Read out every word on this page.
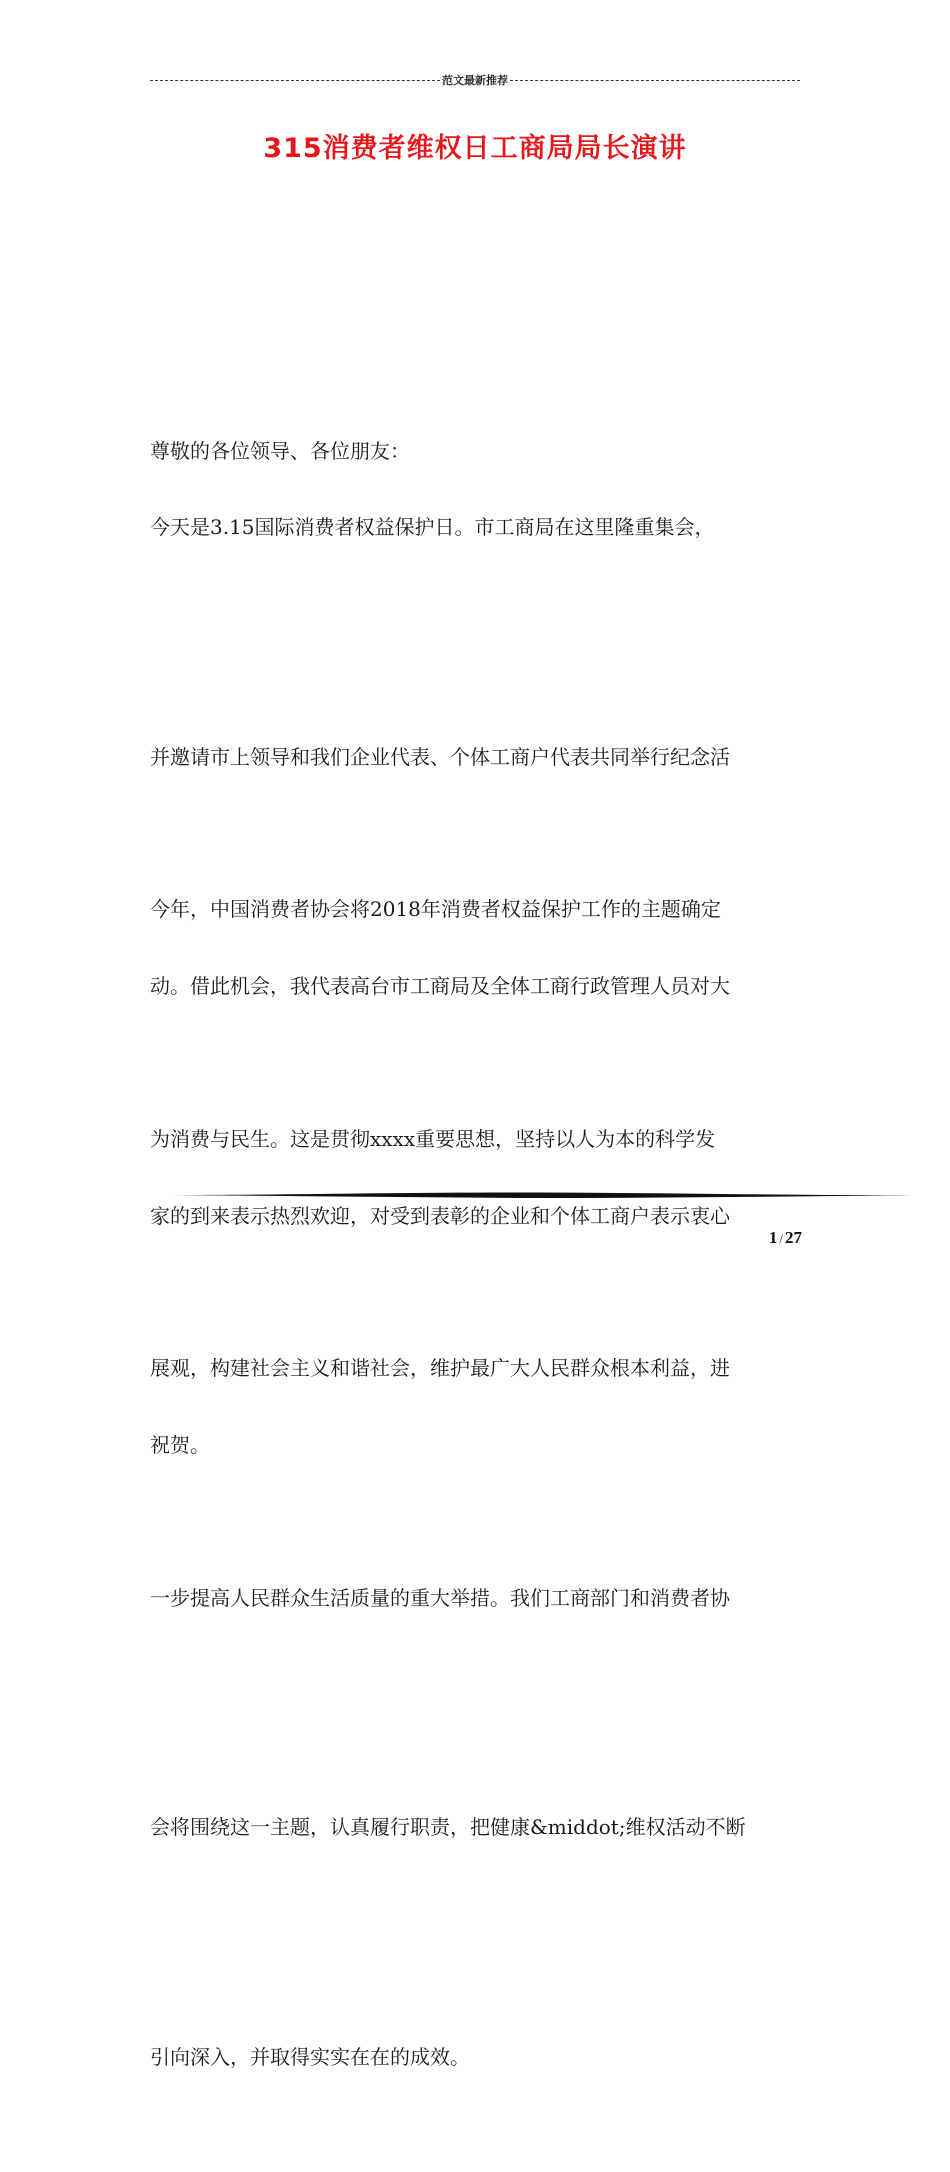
范文最新推荐
315消费者维权日工商局局长演讲

尊敬的各位领导、各位朋友：

今天是3.15国际消费者权益保护日。市工商局在这里隆重集会，

并邀请市上领导和我们企业代表、个体工商户代表共同举行纪念活

动。借此机会，我代表高台市工商局及全体工商行政管理人员对大

家的到来表示热烈欢迎，对受到表彰的企业和个体工商户表示衷心

祝贺。

今年，中国消费者协会将2018年消费者权益保护工作的主题确定

为消费与民生。这是贯彻xxxx重要思想，坚持以人为本的科学发

展观，构建社会主义和谐社会，维护最广大人民群众根本利益，进

一步提高人民群众生活质量的重大举措。我们工商部门和消费者协

会将围绕这一主题，认真履行职责，把健康&middot;维权活动不断

引向深入，并取得实实在在的成效。

1 / 27
